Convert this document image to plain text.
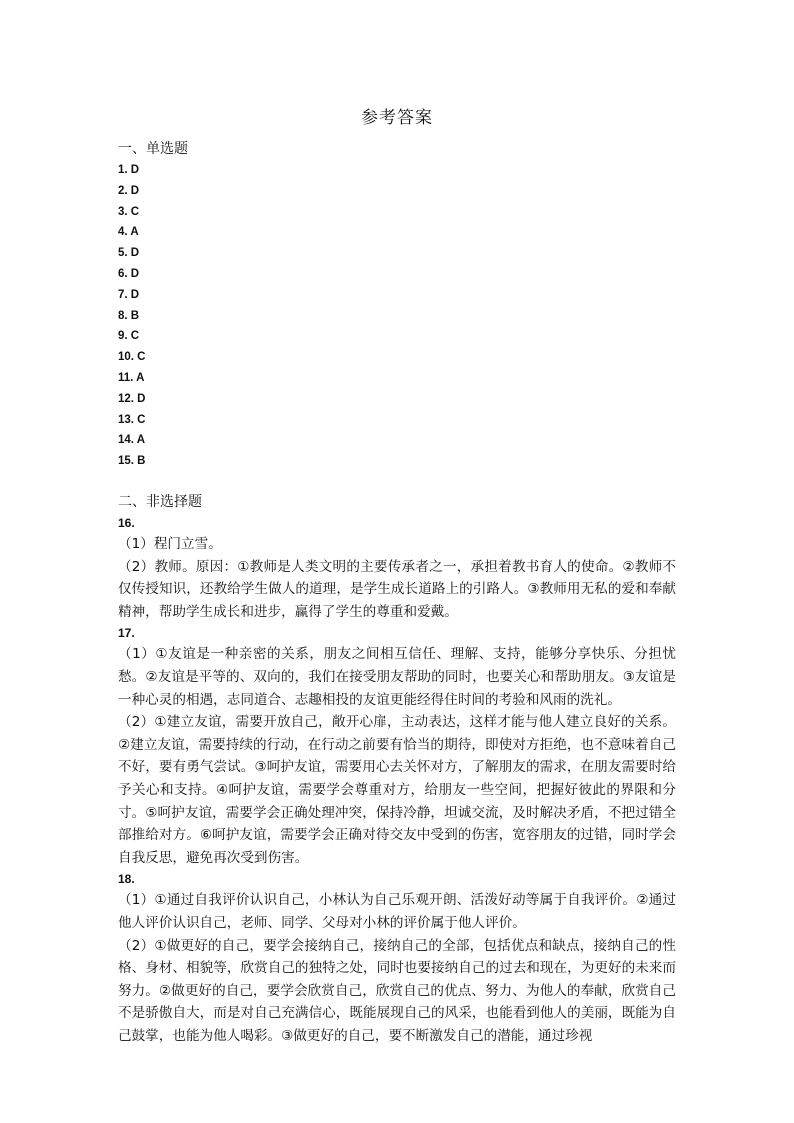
参考答案
一、单选题
1. D
2. D
3. C
4. A
5. D
6. D
7. D
8. B
9. C
10. C
11. A
12. D
13. C
14. A
15. B
二、非选择题
16.

（1）程门立雪。

（2）教师。原因：①教师是人类文明的主要传承者之一，承担着教书育人的使命。②教师不仅传授知识，还教给学生做人的道理，是学生成长道路上的引路人。③教师用无私的爱和奉献精神，帮助学生成长和进步，赢得了学生的尊重和爱戴。

17.

（1）①友谊是一种亲密的关系，朋友之间相互信任、理解、支持，能够分享快乐、分担忧愁。②友谊是平等的、双向的，我们在接受朋友帮助的同时，也要关心和帮助朋友。③友谊是一种心灵的相遇，志同道合、志趣相投的友谊更能经得住时间的考验和风雨的洗礼。

（2）①建立友谊，需要开放自己，敞开心扉，主动表达，这样才能与他人建立良好的关系。②建立友谊，需要持续的行动，在行动之前要有恰当的期待，即使对方拒绝，也不意味着自己不好，要有勇气尝试。③呵护友谊，需要用心去关怀对方，了解朋友的需求，在朋友需要时给予关心和支持。④呵护友谊，需要学会尊重对方，给朋友一些空间，把握好彼此的界限和分寸。⑤呵护友谊，需要学会正确处理冲突，保持冷静，坦诚交流，及时解决矛盾，不把过错全部推给对方。⑥呵护友谊，需要学会正确对待交友中受到的伤害，宽容朋友的过错，同时学会自我反思，避免再次受到伤害。

18.

（1）①通过自我评价认识自己，小林认为自己乐观开朗、活泼好动等属于自我评价。②通过他人评价认识自己，老师、同学、父母对小林的评价属于他人评价。

（2）①做更好的自己，要学会接纳自己，接纳自己的全部，包括优点和缺点，接纳自己的性格、身材、相貌等，欣赏自己的独特之处，同时也要接纳自己的过去和现在，为更好的未来而努力。②做更好的自己，要学会欣赏自己，欣赏自己的优点、努力、为他人的奉献，欣赏自己不是骄傲自大，而是对自己充满信心，既能展现自己的风采，也能看到他人的美丽，既能为自己鼓掌，也能为他人喝彩。③做更好的自己，要不断激发自己的潜能，通过珍视
